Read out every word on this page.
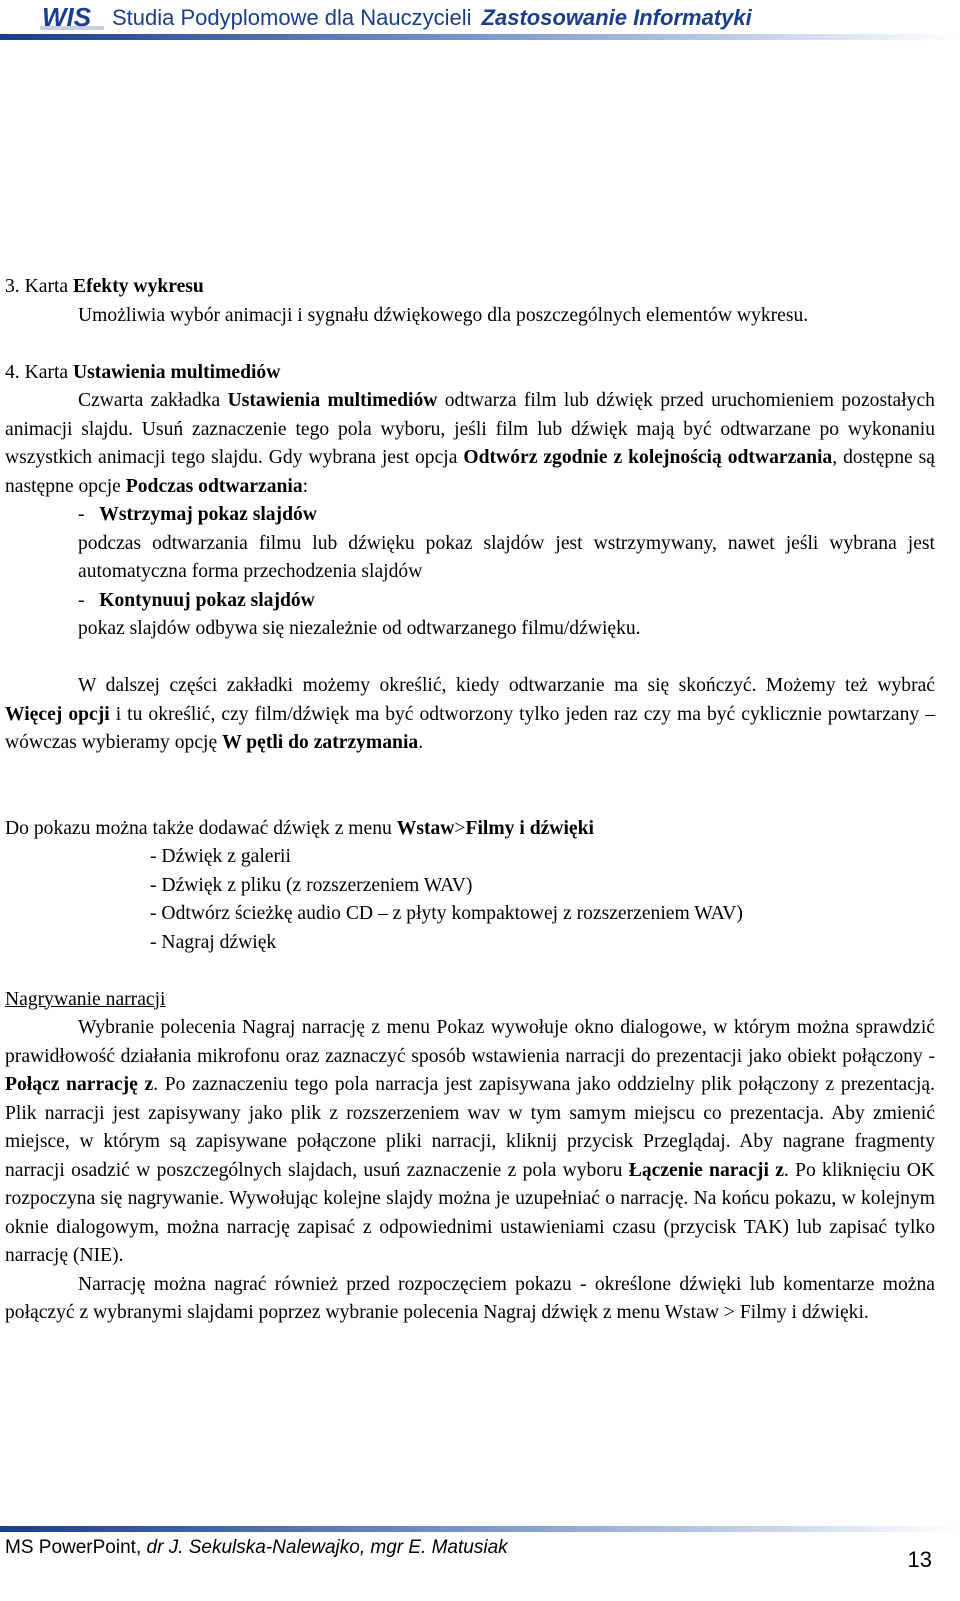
WIS Studia Podyplomowe dla Nauczycieli Zastosowanie Informatyki

3. Karta Efekty wykresu

Umożliwia wybór animacji i sygnału dźwiękowego dla poszczególnych elementów wykresu.

4. Karta Ustawienia multimediów

Czwarta zakładka Ustawienia multimediów odtwarza film lub dźwięk przed uruchomieniem pozostałych animacji slajdu. Usuń zaznaczenie tego pola wyboru, jeśli film lub dźwięk mają być odtwarzane po wykonaniu wszystkich animacji tego slajdu. Gdy wybrana jest opcja Odtwórz zgodnie z kolejnością odtwarzania, dostępne są następne opcje Podczas odtwarzania:

-   Wstrzymaj pokaz slajdów

podczas odtwarzania filmu lub dźwięku pokaz slajdów jest wstrzymywany, nawet jeśli wybrana jest automatyczna forma przechodzenia slajdów

-   Kontynuuj pokaz slajdów

pokaz slajdów odbywa się niezależnie od odtwarzanego filmu/dźwięku.

W dalszej części zakładki możemy określić, kiedy odtwarzanie ma się skończyć. Możemy też wybrać Więcej opcji i tu określić, czy film/dźwięk ma być odtworzony tylko jeden raz czy ma być cyklicznie powtarzany – wówczas wybieramy opcję W pętli do zatrzymania.

Do pokazu można także dodawać dźwięk z menu Wstaw>Filmy i dźwięki

- Dźwięk z galerii

- Dźwięk z pliku (z rozszerzeniem WAV)

- Odtwórz ścieżkę audio CD – z płyty kompaktowej z rozszerzeniem WAV)

- Nagraj dźwięk

Nagrywanie narracji

Wybranie polecenia Nagraj narrację z menu Pokaz wywołuje okno dialogowe, w którym można sprawdzić prawidłowość działania mikrofonu oraz zaznaczyć sposób wstawienia narracji do prezentacji jako obiekt połączony - Połącz narrację z. Po zaznaczeniu tego pola narracja jest zapisywana jako oddzielny plik połączony z prezentacją. Plik narracji jest zapisywany jako plik z rozszerzeniem wav w tym samym miejscu co prezentacja. Aby zmienić miejsce, w którym są zapisywane połączone pliki narracji, kliknij przycisk Przeglądaj. Aby nagrane fragmenty narracji osadzić w poszczególnych slajdach, usuń zaznaczenie z pola wyboru Łączenie naracji z. Po kliknięciu OK rozpoczyna się nagrywanie. Wywołując kolejne slajdy można je uzupełniać o narrację. Na końcu pokazu, w kolejnym oknie dialogowym, można narrację zapisać z odpowiednimi ustawieniami czasu (przycisk TAK) lub zapisać tylko narrację (NIE).

Narrację można nagrać również przed rozpoczęciem pokazu - określone dźwięki lub komentarze można połączyć z wybranymi slajdami poprzez wybranie polecenia Nagraj dźwięk z menu Wstaw > Filmy i dźwięki.

MS PowerPoint, dr J. Sekulska-Nalewajko, mgr E. Matusiak	13
